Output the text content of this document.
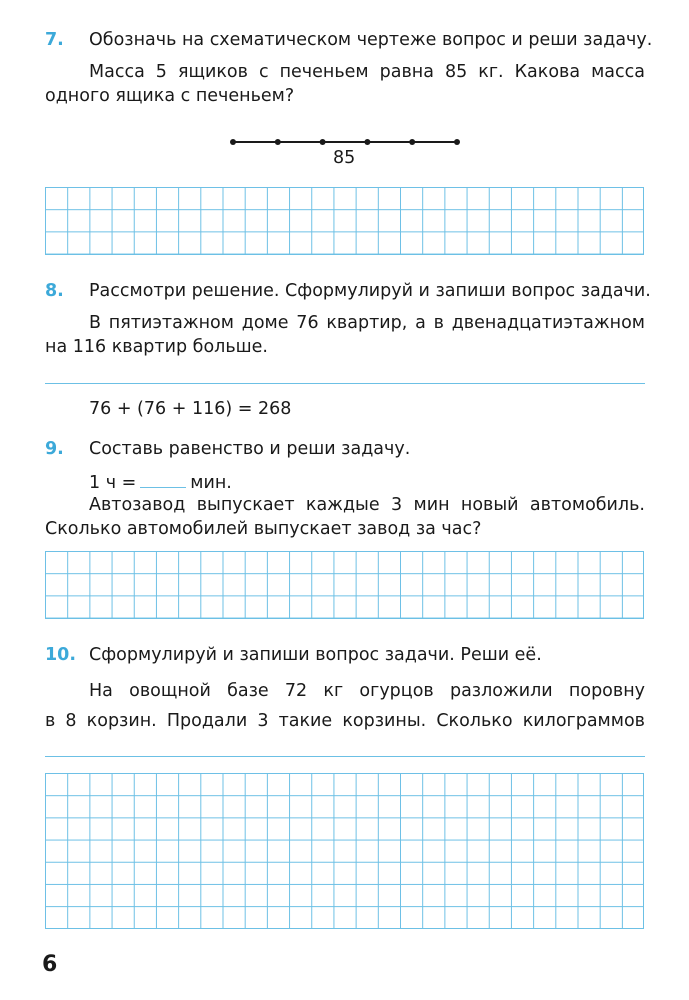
7. Обозначь на схематическом чертеже вопрос и реши задачу.
Масса 5 ящиков с печеньем равна 85 кг. Какова масса
одного ящика с печеньем?
85
8. Рассмотри решение. Сформулируй и запиши вопрос задачи.
В пятиэтажном доме 76 квартир, а в двенадцатиэтажном
на 116 квартир больше.
76 + (76 + 116) = 268
9. Составь равенство и реши задачу.
1 ч =	мин.
Автозавод выпускает каждые 3 мин новый автомобиль.
Сколько автомобилей выпускает завод за час?
10. Сформулируй и запиши вопрос задачи. Реши её.
На овощной базе 72 кг огурцов разложили поровну
в 8 корзин. Продали 3 такие корзины. Сколько килограммов
6
